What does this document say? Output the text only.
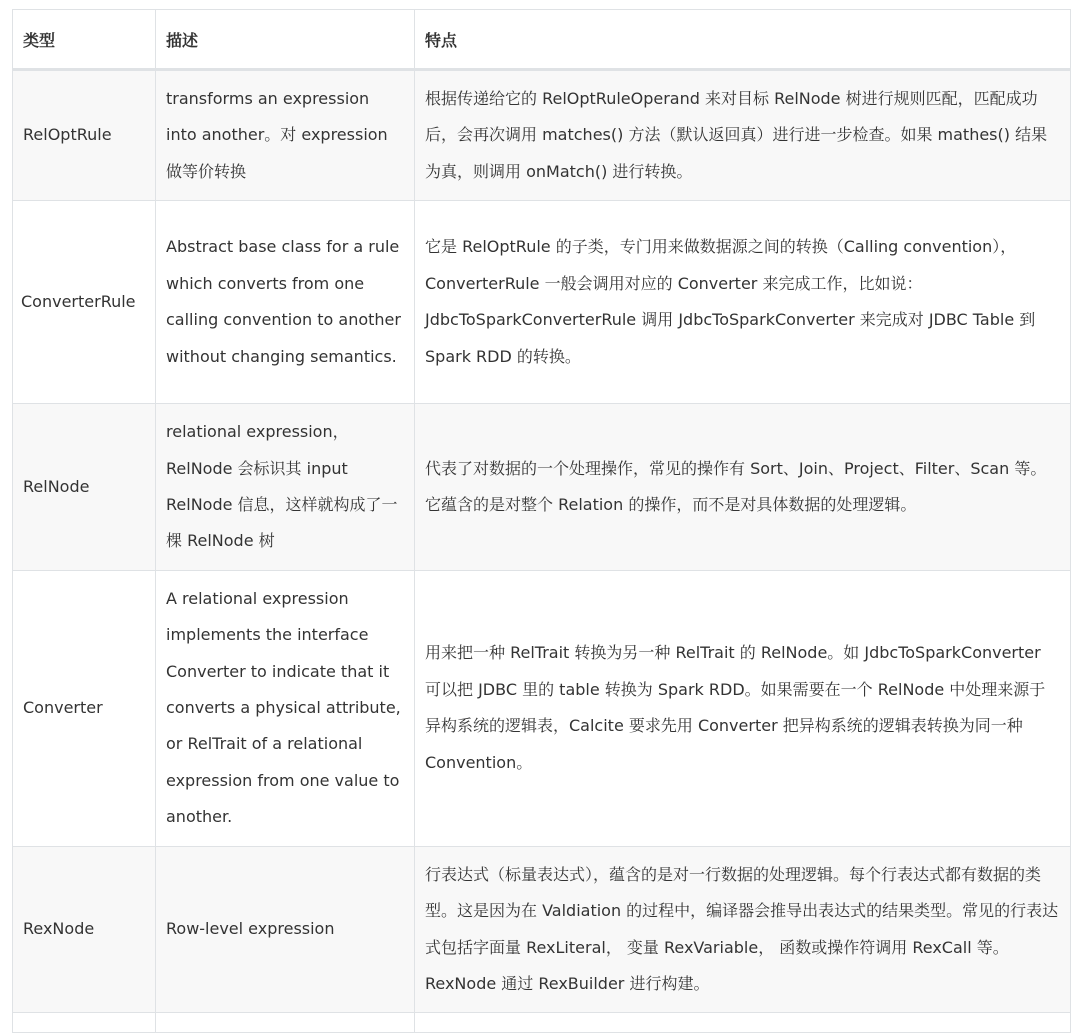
类型	描述	特点
RelOptRule	transforms an expression into another。对 expression 做等价转换	根据传递给它的 RelOptRuleOperand 来对目标 RelNode 树进行规则匹配，匹配成功后，会再次调用 matches() 方法（默认返回真）进行进一步检查。如果 mathes() 结果为真，则调用 onMatch() 进行转换。
ConverterRule	Abstract base class for a rule which converts from one calling convention to another without changing semantics.	它是 RelOptRule 的子类，专门用来做数据源之间的转换（Calling convention），ConverterRule 一般会调用对应的 Converter 来完成工作，比如说：JdbcToSparkConverterRule 调用 JdbcToSparkConverter 来完成对 JDBC Table 到 Spark RDD 的转换。
RelNode	relational expression，RelNode 会标识其 input RelNode 信息，这样就构成了一棵 RelNode 树	代表了对数据的一个处理操作，常见的操作有 Sort、Join、Project、Filter、Scan 等。它蕴含的是对整个 Relation 的操作，而不是对具体数据的处理逻辑。
Converter	A relational expression implements the interface Converter to indicate that it converts a physical attribute, or RelTrait of a relational expression from one value to another.	用来把一种 RelTrait 转换为另一种 RelTrait 的 RelNode。如 JdbcToSparkConverter 可以把 JDBC 里的 table 转换为 Spark RDD。如果需要在一个 RelNode 中处理来源于异构系统的逻辑表，Calcite 要求先用 Converter 把异构系统的逻辑表转换为同一种 Convention。
RexNode	Row-level expression	行表达式（标量表达式），蕴含的是对一行数据的处理逻辑。每个行表达式都有数据的类型。这是因为在 Valdiation 的过程中，编译器会推导出表达式的结果类型。常见的行表达式包括字面量 RexLiteral， 变量 RexVariable， 函数或操作符调用 RexCall 等。 RexNode 通过 RexBuilder 进行构建。
